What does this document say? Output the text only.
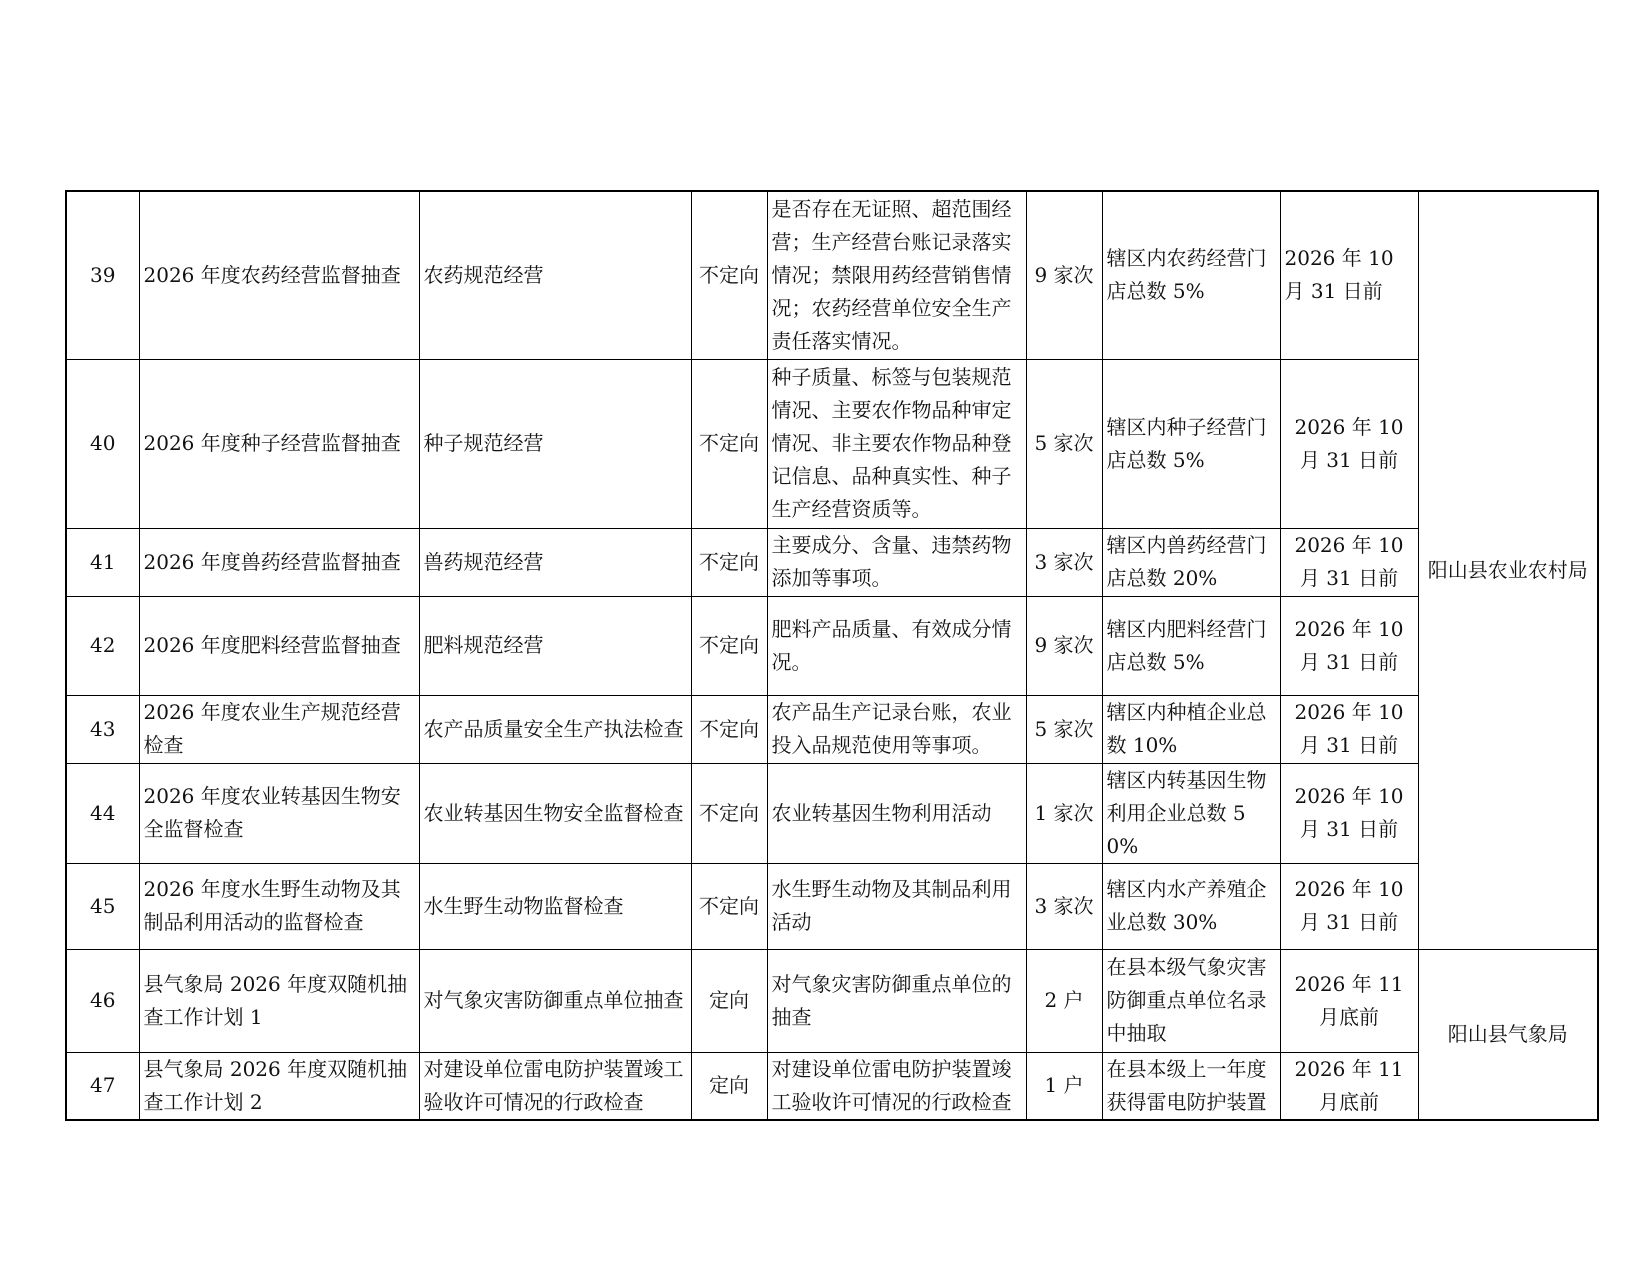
39	2026 年度农药经营监督抽查	农药规范经营	不定向	是否存在无证照、超范围经营；生产经营台账记录落实情况；禁限用药经营销售情况；农药经营单位安全生产责任落实情况。	9 家次	辖区内农药经营门店总数 5%	2026 年 10 月 31 日前	阳山县农业农村局
40	2026 年度种子经营监督抽查	种子规范经营	不定向	种子质量、标签与包装规范情况、主要农作物品种审定情况、非主要农作物品种登记信息、品种真实性、种子生产经营资质等。	5 家次	辖区内种子经营门店总数 5%	2026 年 10 月 31 日前	
41	2026 年度兽药经营监督抽查	兽药规范经营	不定向	主要成分、含量、违禁药物添加等事项。	3 家次	辖区内兽药经营门店总数 20%	2026 年 10 月 31 日前	
42	2026 年度肥料经营监督抽查	肥料规范经营	不定向	肥料产品质量、有效成分情况。	9 家次	辖区内肥料经营门店总数 5%	2026 年 10 月 31 日前	
43	2026 年度农业生产规范经营检查	农产品质量安全生产执法检查	不定向	农产品生产记录台账，农业投入品规范使用等事项。	5 家次	辖区内种植企业总数 10%	2026 年 10 月 31 日前	
44	2026 年度农业转基因生物安全监督检查	农业转基因生物安全监督检查	不定向	农业转基因生物利用活动	1 家次	辖区内转基因生物利用企业总数 50%	2026 年 10 月 31 日前	
45	2026 年度水生野生动物及其制品利用活动的监督检查	水生野生动物监督检查	不定向	水生野生动物及其制品利用活动	3 家次	辖区内水产养殖企业总数 30%	2026 年 10 月 31 日前	
46	县气象局 2026 年度双随机抽查工作计划 1	对气象灾害防御重点单位抽查	定向	对气象灾害防御重点单位的抽查	2 户	在县本级气象灾害防御重点单位名录中抽取	2026 年 11 月底前	阳山县气象局
47	县气象局 2026 年度双随机抽查工作计划 2	对建设单位雷电防护装置竣工验收许可情况的行政检查	定向	对建设单位雷电防护装置竣工验收许可情况的行政检查	1 户	在县本级上一年度获得雷电防护装置	2026 年 11 月底前	
